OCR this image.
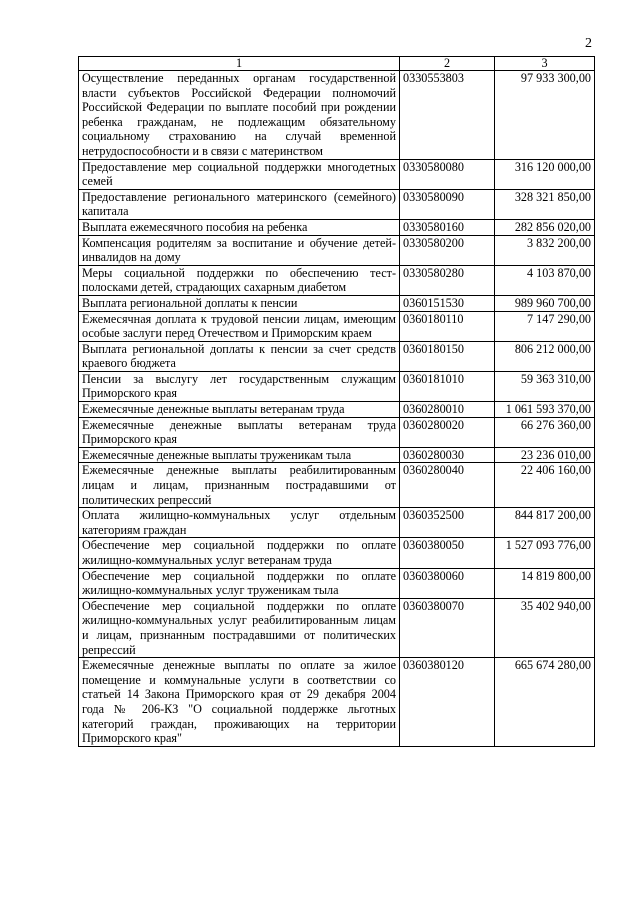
2
1	2	3
Осуществление переданных органам государственной власти субъектов Российской Федерации полномочий Российской Федерации по выплате пособий при рождении ребенка гражданам, не подлежащим обязательному социальному страхованию на случай временной нетрудоспособности и в связи с материнством	0330553803	97 933 300,00
Предоставление мер социальной поддержки многодетных семей	0330580080	316 120 000,00
Предоставление регионального материнского (семейного) капитала	0330580090	328 321 850,00
Выплата ежемесячного пособия на ребенка	0330580160	282 856 020,00
Компенсация родителям за воспитание и обучение детей-инвалидов на дому	0330580200	3 832 200,00
Меры социальной поддержки по обеспечению тест-полосками детей, страдающих сахарным диабетом	0330580280	4 103 870,00
Выплата региональной доплаты к пенсии	0360151530	989 960 700,00
Ежемесячная доплата к трудовой пенсии лицам, имеющим особые заслуги перед Отечеством и Приморским краем	0360180110	7 147 290,00
Выплата региональной доплаты к пенсии за счет средств краевого бюджета	0360180150	806 212 000,00
Пенсии за выслугу лет государственным служащим Приморского края	0360181010	59 363 310,00
Ежемесячные денежные выплаты ветеранам труда	0360280010	1 061 593 370,00
Ежемесячные денежные выплаты ветеранам труда Приморского края	0360280020	66 276 360,00
Ежемесячные денежные выплаты труженикам тыла	0360280030	23 236 010,00
Ежемесячные денежные выплаты реабилитированным лицам и лицам, признанным пострадавшими от политических репрессий	0360280040	22 406 160,00
Оплата жилищно-коммунальных услуг отдельным категориям граждан	0360352500	844 817 200,00
Обеспечение мер социальной поддержки по оплате жилищно-коммунальных услуг ветеранам труда	0360380050	1 527 093 776,00
Обеспечение мер социальной поддержки по оплате жилищно-коммунальных услуг труженикам тыла	0360380060	14 819 800,00
Обеспечение мер социальной поддержки по оплате жилищно-коммунальных услуг реабилитированным лицам и лицам, признанным пострадавшими от политических репрессий	0360380070	35 402 940,00
Ежемесячные денежные выплаты по оплате за жилое помещение и коммунальные услуги в соответствии со статьей 14 Закона Приморского края от 29 декабря 2004 года № 206-КЗ "О социальной поддержке льготных категорий граждан, проживающих на территории Приморского края"	0360380120	665 674 280,00
